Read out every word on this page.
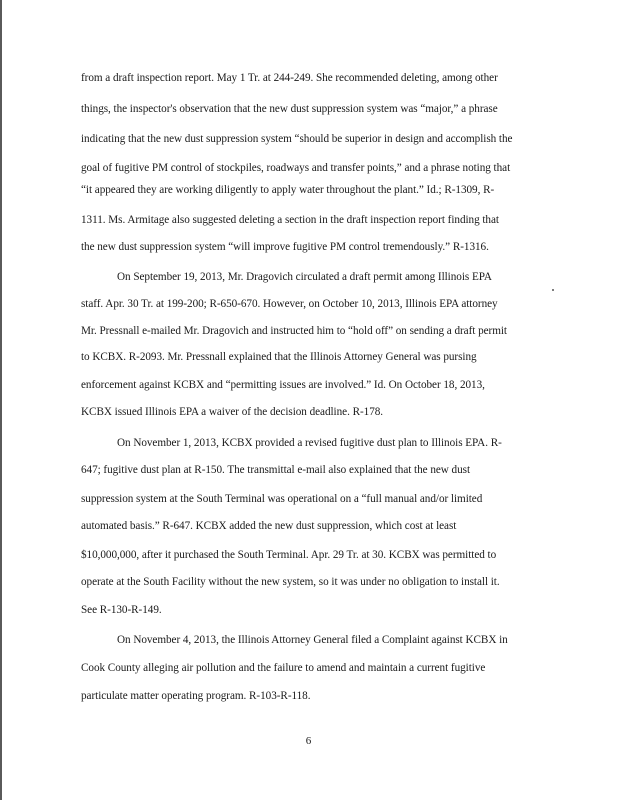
from a draft inspection report. May 1 Tr. at 244-249. She recommended deleting, among other
things, the inspector's observation that the new dust suppression system was “major,” a phrase
indicating that the new dust suppression system “should be superior in design and accomplish the
goal of fugitive PM control of stockpiles, roadways and transfer points,” and a phrase noting that
“it appeared they are working diligently to apply water throughout the plant.” Id.; R-1309, R-
1311. Ms. Armitage also suggested deleting a section in the draft inspection report finding that
the new dust suppression system “will improve fugitive PM control tremendously.” R-1316.
On September 19, 2013, Mr. Dragovich circulated a draft permit among Illinois EPA
staff. Apr. 30 Tr. at 199-200; R-650-670. However, on October 10, 2013, Illinois EPA attorney
Mr. Pressnall e-mailed Mr. Dragovich and instructed him to “hold off” on sending a draft permit
to KCBX. R-2093. Mr. Pressnall explained that the Illinois Attorney General was pursing
enforcement against KCBX and “permitting issues are involved.” Id. On October 18, 2013,
KCBX issued Illinois EPA a waiver of the decision deadline. R-178.
On November 1, 2013, KCBX provided a revised fugitive dust plan to Illinois EPA. R-
647; fugitive dust plan at R-150. The transmittal e-mail also explained that the new dust
suppression system at the South Terminal was operational on a “full manual and/or limited
automated basis.” R-647. KCBX added the new dust suppression, which cost at least
$10,000,000, after it purchased the South Terminal. Apr. 29 Tr. at 30. KCBX was permitted to
operate at the South Facility without the new system, so it was under no obligation to install it.
See R-130-R-149.
On November 4, 2013, the Illinois Attorney General filed a Complaint against KCBX in
Cook County alleging air pollution and the failure to amend and maintain a current fugitive
particulate matter operating program. R-103-R-118.
6
